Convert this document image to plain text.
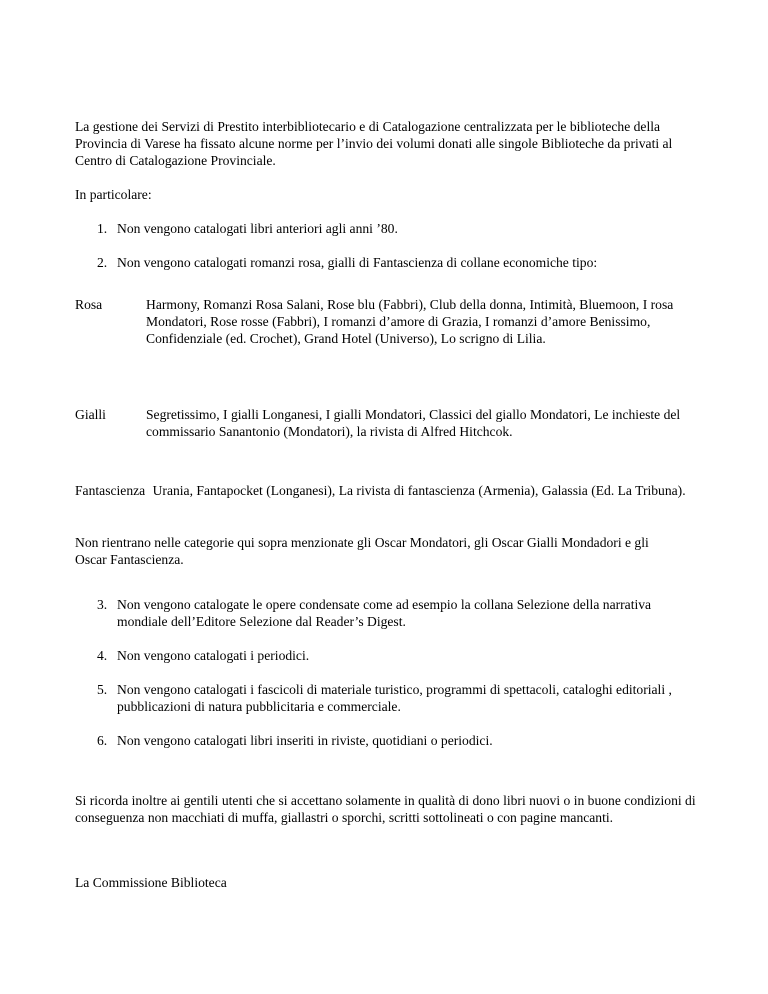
La gestione dei Servizi di Prestito interbibliotecario e di Catalogazione centralizzata per le biblioteche della Provincia di Varese ha fissato alcune norme per l’invio dei volumi donati alle singole Biblioteche da privati al Centro di Catalogazione Provinciale.

In particolare:

1. Non vengono catalogati libri anteriori agli anni ’80.
2. Non vengono catalogati romanzi rosa, gialli di Fantascienza di collane economiche tipo:
Rosa	Harmony, Romanzi Rosa Salani, Rose blu (Fabbri), Club della donna, Intimità, Bluemoon, I rosa Mondatori, Rose rosse (Fabbri), I romanzi d’amore di Grazia, I romanzi d’amore Benissimo, Confidenziale (ed. Crochet), Grand Hotel (Universo), Lo scrigno di Lilia.
Gialli	Segretissimo, I gialli Longanesi, I gialli Mondatori, Classici del giallo Mondatori, Le inchieste del commissario Sanantonio (Mondatori), la rivista di Alfred Hitchcok.
Fantascienza Urania, Fantapocket (Longanesi), La rivista di fantascienza (Armenia), Galassia (Ed. La Tribuna).

Non rientrano nelle categorie qui sopra menzionate gli Oscar Mondatori, gli Oscar Gialli Mondadori e gli Oscar Fantascienza.

3. Non vengono catalogate le opere condensate come ad esempio la collana Selezione della narrativa mondiale dell’Editore Selezione dal Reader’s Digest.
4. Non vengono catalogati i periodici.
5. Non vengono catalogati i fascicoli di materiale turistico, programmi di spettacoli, cataloghi editoriali , pubblicazioni di natura pubblicitaria e commerciale.
6. Non vengono catalogati libri inseriti in riviste, quotidiani o periodici.

Si ricorda inoltre ai gentili utenti che si accettano solamente in qualità di dono libri nuovi o in buone condizioni di conseguenza non macchiati di muffa, giallastri o sporchi, scritti sottolineati o con pagine mancanti.

La Commissione Biblioteca
